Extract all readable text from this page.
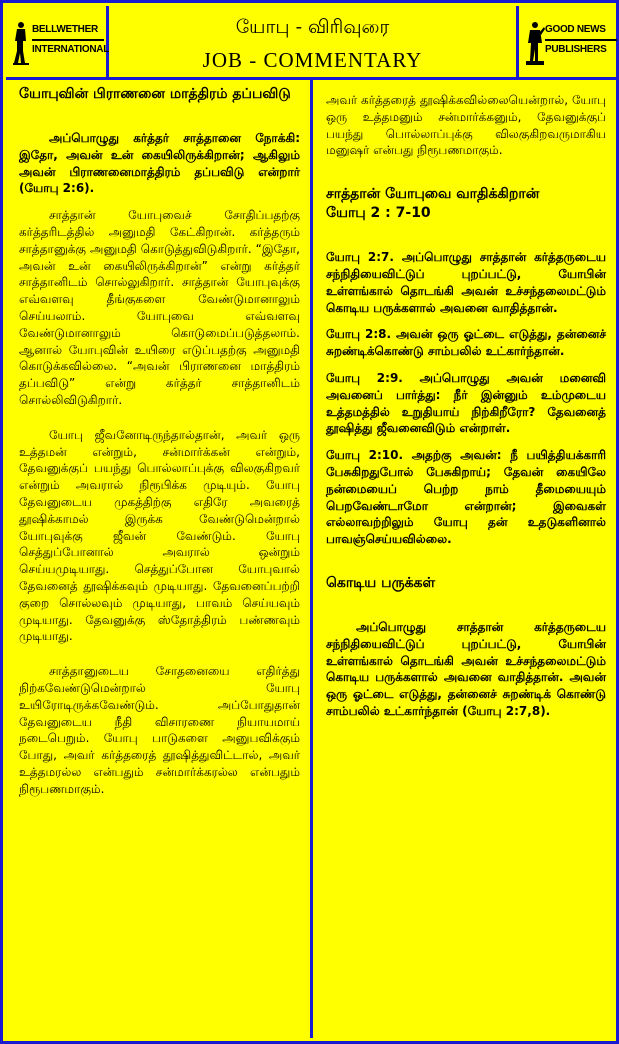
BELLWETHER
INTERNATIONAL
யோபு - விரிவுரை
JOB - COMMENTARY
GOOD NEWS
PUBLISHERS

யோபுவின் பிராணனை மாத்திரம் தப்பவிடு

அப்பொழுது கர்த்தர் சாத்தானை நோக்கி: இதோ, அவன் உன் கையிலிருக்கிறான்; ஆகிலும் அவன் பிராணனைமாத்திரம் தப்பவிடு என்றார் (யோபு 2:6).

சாத்தான் யோபுவைச் சோதிப்பதற்கு கர்த்தரிடத்தில் அனுமதி கேட்கிறான். கர்த்தரும் சாத்தானுக்கு அனுமதி கொடுத்துவிடுகிறார். “இதோ, அவன் உன் கையிலிருக்கிறான்” என்று கர்த்தர் சாத்தானிடம் சொல்லுகிறார். சாத்தான் யோபுவுக்கு எவ்வளவு தீங்குகளை வேண்டுமானாலும் செய்யலாம். யோபுவை எவ்வளவு வேண்டுமானாலும் கொடுமைப்படுத்தலாம். ஆனால் யோபுவின் உயிரை எடுப்பதற்கு அனுமதி கொடுக்கவில்லை. “அவன் பிராணனை மாத்திரம் தப்பவிடு” என்று கர்த்தர் சாத்தானிடம் சொல்லிவிடுகிறார்.

யோபு ஜீவனோடிருந்தால்தான், அவர் ஒரு உத்தமன் என்றும், சன்மார்க்கன் என்றும், தேவனுக்குப் பயந்து பொல்லாப்புக்கு விலகுகிறவர் என்றும் அவரால் நிரூபிக்க முடியும். யோபு தேவனுடைய முகத்திற்கு எதிரே அவரைத் தூஷிக்காமல் இருக்க வேண்டுமென்றால் யோபுவுக்கு ஜீவன் வேண்டும். யோபு செத்துப்போனால் அவரால் ஒன்றும் செய்யமுடியாது. செத்துப்போன யோபுவால் தேவனைத் தூஷிக்கவும் முடியாது. தேவனைப்பற்றி குறை சொல்லவும் முடியாது, பாவம் செய்யவும் முடியாது. தேவனுக்கு ஸ்தோத்திரம் பண்ணவும் முடியாது.

சாத்தானுடைய சோதனையை எதிர்த்து நிற்கவேண்டுமென்றால் யோபு உயிரோடிருக்கவேண்டும். அப்போதுதான் தேவனுடைய நீதி விசாரணை நியாயமாய் நடைபெறும். யோபு பாடுகளை அனுபவிக்கும் போது, அவர் கர்த்தரைத் தூஷித்துவிட்டால், அவர் உத்தமரல்ல என்பதும் சன்மார்க்கரல்ல என்பதும் நிரூபணமாகும்.

அவர் கர்த்தரைத் தூஷிக்கவில்லையென்றால், யோபு ஒரு உத்தமனும் சன்மார்க்கனும், தேவனுக்குப் பயந்து பொல்லாப்புக்கு விலகுகிறவருமாகிய மனுஷர் என்பது நிரூபணமாகும்.

சாத்தான் யோபுவை வாதிக்கிறான்

யோபு 2 : 7-10

யோபு 2:7. அப்பொழுது சாத்தான் கர்த்தருடைய சந்நிதியைவிட்டுப் புறப்பட்டு, யோபின் உள்ளங்கால் தொடங்கி அவன் உச்சந்தலைமட்டும் கொடிய பருக்களால் அவனை வாதித்தான்.

யோபு 2:8. அவன் ஒரு ஓட்டை எடுத்து, தன்னைச் சுறண்டிக்கொண்டு சாம்பலில் உட்கார்ந்தான்.

யோபு 2:9. அப்பொழுது அவன் மனைவி அவனைப் பார்த்து: நீர் இன்னும் உம்முடைய உத்தமத்தில் உறுதியாய் நிற்கிறீரோ? தேவனைத் தூஷித்து ஜீவனைவிடும் என்றாள்.

யோபு 2:10. அதற்கு அவன்: நீ பயித்தியக்காரி பேசுகிறதுபோல் பேசுகிறாய்; தேவன் கையிலே நன்மையைப் பெற்ற நாம் தீமையையும் பெறவேண்டாமோ என்றான்; இவைகள் எல்லாவற்றிலும் யோபு தன் உதடுகளினால் பாவஞ்செய்யவில்லை.

கொடிய பருக்கள்

அப்பொழுது சாத்தான் கர்த்தருடைய சந்நிதியைவிட்டுப் புறப்பட்டு, யோபின் உள்ளங்கால் தொடங்கி அவன் உச்சந்தலைமட்டும் கொடிய பருக்களால் அவனை வாதித்தான். அவன் ஒரு ஓட்டை எடுத்து, தன்னைச் சுறண்டிக் கொண்டு சாம்பலில் உட்கார்ந்தான் (யோபு 2:7,8).
